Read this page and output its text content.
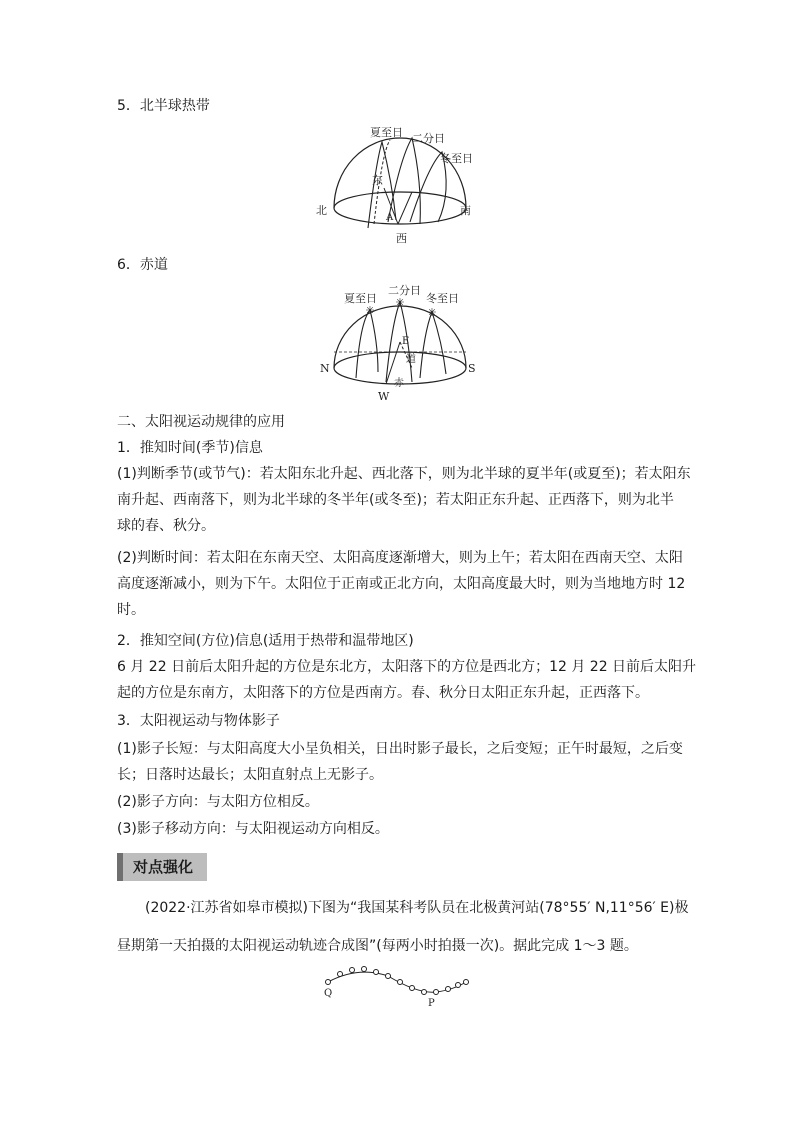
5．北半球热带
夏至日 二分日
冬至日
东
北	南
A
西
6．赤道
✳
✳
✳
夏至日
二分日
冬至日
E
道
赤
N	S
W
二、太阳视运动规律的应用
1．推知时间(季节)信息
(1)判断季节(或节气)：若太阳东北升起、西北落下，则为北半球的夏半年(或夏至)；若太阳东
南升起、西南落下，则为北半球的冬半年(或冬至)；若太阳正东升起、正西落下，则为北半
球的春、秋分。
(2)判断时间：若太阳在东南天空、太阳高度逐渐增大，则为上午；若太阳在西南天空、太阳
高度逐渐减小，则为下午。太阳位于正南或正北方向，太阳高度最大时，则为当地地方时 12
时。
2．推知空间(方位)信息(适用于热带和温带地区)
6 月 22 日前后太阳升起的方位是东北方，太阳落下的方位是西北方；12 月 22 日前后太阳升
起的方位是东南方，太阳落下的方位是西南方。春、秋分日太阳正东升起，正西落下。
3．太阳视运动与物体影子
(1)影子长短：与太阳高度大小呈负相关，日出时影子最长，之后变短；正午时最短，之后变
长；日落时达最长；太阳直射点上无影子。
(2)影子方向：与太阳方位相反。
(3)影子移动方向：与太阳视运动方向相反。
对点强化
(2022·江苏省如皋市模拟)下图为“我国某科考队员在北极黄河站(78°55′ N,11°56′ E)极
昼期第一天拍摄的太阳视运动轨迹合成图”(每两小时拍摄一次)。据此完成 1～3 题。
Q
P
